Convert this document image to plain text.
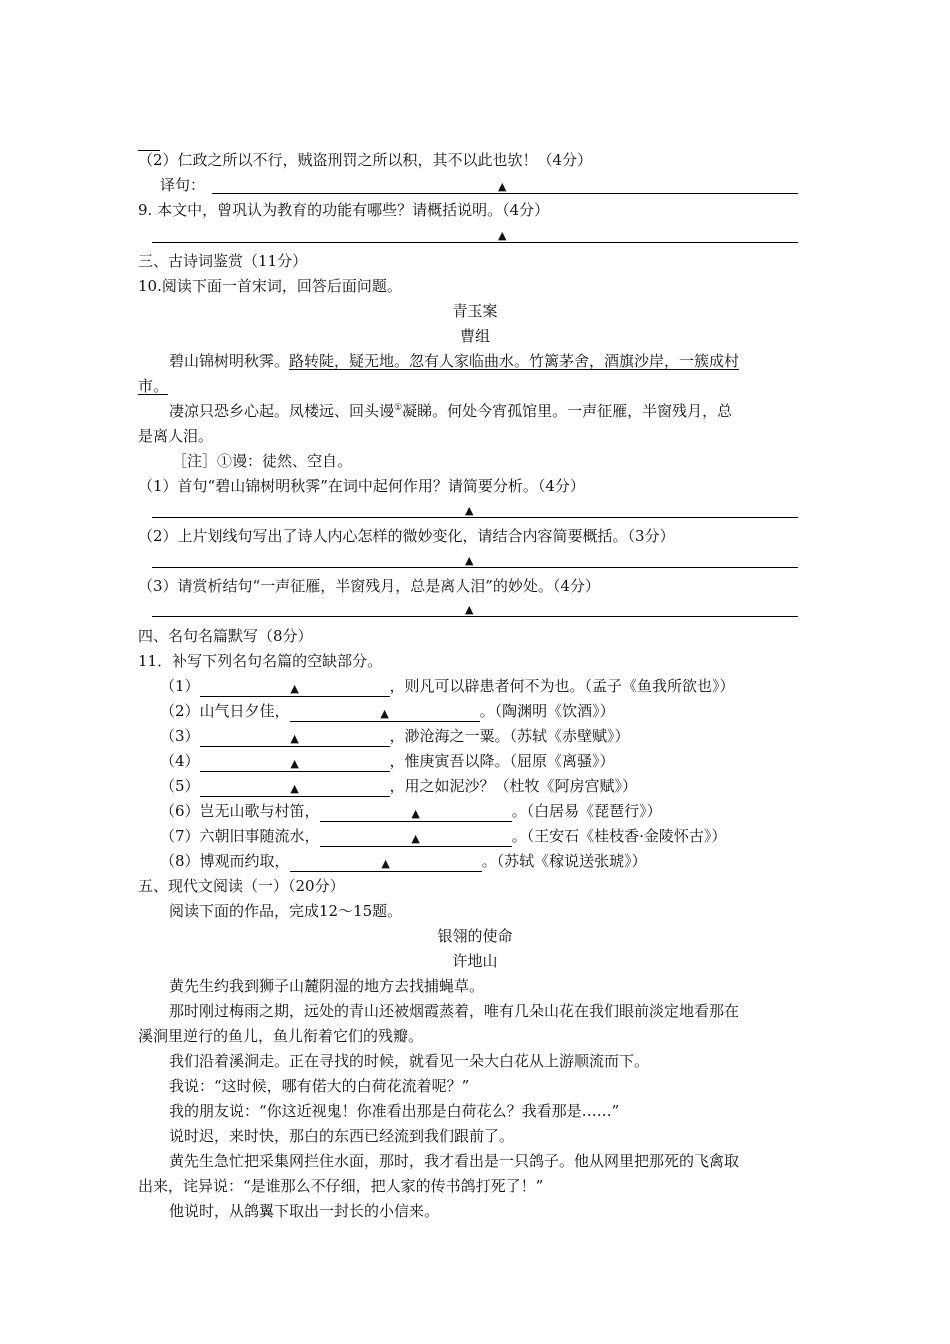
（2）仁政之所以不行，贼盗刑罚之所以积，其不以此也欤！（4分）
译句：	▲
9. 本文中，曾巩认为教育的功能有哪些？请概括说明。（4分）
▲
三、古诗词鉴赏（11分）
10.阅读下面一首宋词，回答后面问题。
青玉案
曹组
碧山锦树明秋霁。路转陡，疑无地。忽有人家临曲水。竹篱茅舍，酒旗沙岸，一簇成村
市。
凄凉只恐乡心起。凤楼远、回头谩①凝睇。何处今宵孤馆里。一声征雁，半窗残月，总
是离人泪。
［注］①谩：徒然、空自。
（1）首句“碧山锦树明秋霁”在词中起何作用？请简要分析。（4分）
▲
（2）上片划线句写出了诗人内心怎样的微妙变化，请结合内容简要概括。（3分）
▲
（3）请赏析结句“一声征雁，半窗残月，总是离人泪”的妙处。（4分）
▲
四、名句名篇默写（8分）
11．补写下列名句名篇的空缺部分。
（1）	▲	，则凡可以辟患者何不为也。（孟子《鱼我所欲也》）
（2）山气日夕佳，	▲	。（陶渊明《饮酒》）
（3）	▲	，渺沧海之一粟。（苏轼《赤壁赋》）
（4）	▲	，惟庚寅吾以降。（屈原《离骚》）
（5）	▲	，用之如泥沙？（杜牧《阿房宫赋》）
（6）岂无山歌与村笛，	▲	。（白居易《琵琶行》）
（7）六朝旧事随流水，	▲	。（王安石《桂枝香·金陵怀古》）
（8）博观而约取，	▲	。（苏轼《稼说送张琥》）
五、现代文阅读（一）（20分）
阅读下面的作品，完成12～15题。
银翎的使命
许地山
黄先生约我到狮子山麓阴湿的地方去找捕蝇草。
那时刚过梅雨之期，远处的青山还被烟霞蒸着，唯有几朵山花在我们眼前淡定地看那在
溪涧里逆行的鱼儿，鱼儿衔着它们的残瓣。
我们沿着溪涧走。正在寻找的时候，就看见一朵大白花从上游顺流而下。
我说：“这时候，哪有偌大的白荷花流着呢？”
我的朋友说：“你这近视鬼！你准看出那是白荷花么？我看那是……”
说时迟，来时快，那白的东西已经流到我们跟前了。
黄先生急忙把采集网拦住水面，那时，我才看出是一只鸽子。他从网里把那死的飞禽取
出来，诧异说：“是谁那么不仔细，把人家的传书鸽打死了！”
他说时，从鸽翼下取出一封长的小信来。
